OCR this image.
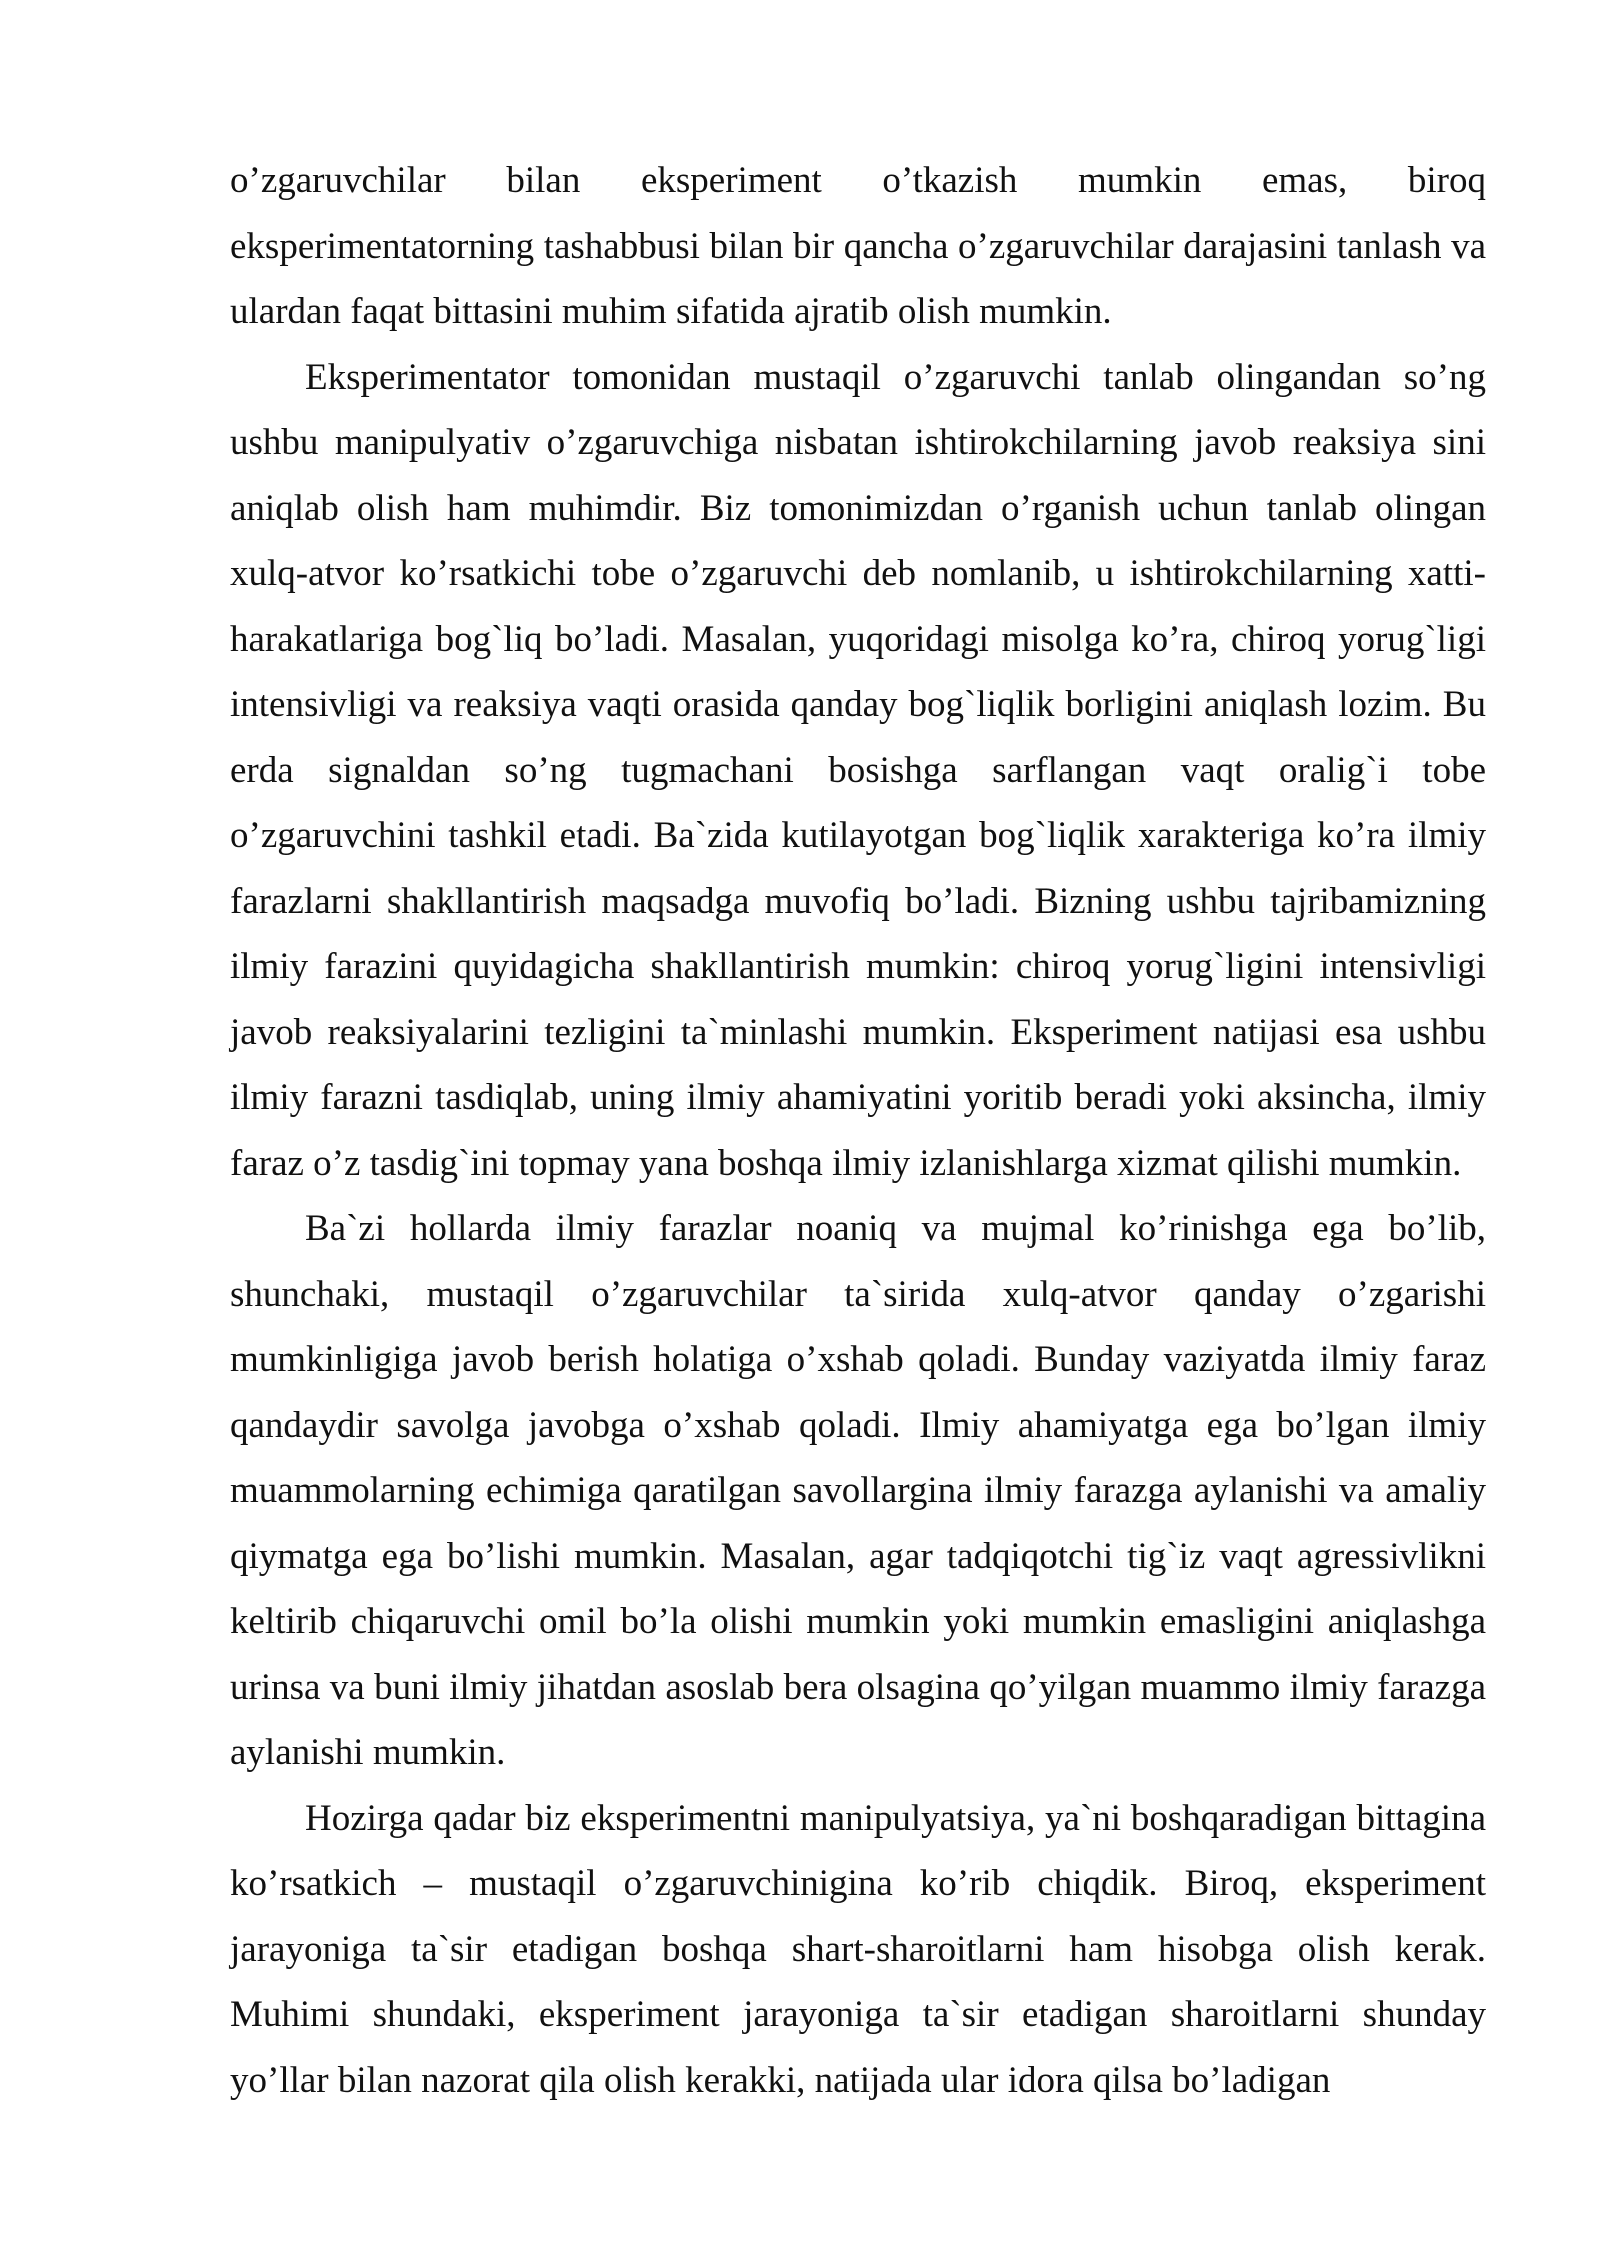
o’zgaruvchilar bilan eksperiment o’tkazish mumkin emas, biroq eksperimentatorning tashabbusi bilan bir qancha o’zgaruvchilar darajasini tanlash va ulardan faqat bittasini muhim sifatida ajratib olish mumkin.

Eksperimentator tomonidan mustaqil o’zgaruvchi tanlab olingandan so’ng ushbu manipulyativ o’zgaruvchiga nisbatan ishtirokchilarning javob reaksiya sini aniqlab olish ham muhimdir. Biz tomonimizdan o’rganish uchun tanlab olingan xulq-atvor ko’rsatkichi tobe o’zgaruvchi deb nomlanib, u ishtirokchilarning xatti-harakatlariga bog`liq bo’ladi. Masalan, yuqoridagi misolga ko’ra, chiroq yorug`ligi intensivligi va reaksiya vaqti orasida qanday bog`liqlik borligini aniqlash lozim. Bu erda signaldan so’ng tugmachani bosishga sarflangan vaqt oralig`i tobe o’zgaruvchini tashkil etadi. Ba`zida kutilayotgan bog`liqlik xarakteriga ko’ra ilmiy farazlarni shakllantirish maqsadga muvofiq bo’ladi. Bizning ushbu tajribamizning ilmiy farazini quyidagicha shakllantirish mumkin: chiroq yorug`ligini intensivligi javob reaksiyalarini tezligini ta`minlashi mumkin. Eksperiment natijasi esa ushbu ilmiy farazni tasdiqlab, uning ilmiy ahamiyatini yoritib beradi yoki aksincha, ilmiy faraz o’z tasdig`ini topmay yana boshqa ilmiy izlanishlarga xizmat qilishi mumkin.

Ba`zi hollarda ilmiy farazlar noaniq va mujmal ko’rinishga ega bo’lib, shunchaki, mustaqil o’zgaruvchilar ta`sirida xulq-atvor qanday o’zgarishi mumkinligiga javob berish holatiga o’xshab qoladi. Bunday vaziyatda ilmiy faraz qandaydir savolga javobga o’xshab qoladi. Ilmiy ahamiyatga ega bo’lgan ilmiy muammolarning echimiga qaratilgan savollargina ilmiy farazga aylanishi va amaliy qiymatga ega bo’lishi mumkin. Masalan, agar tadqiqotchi tig`iz vaqt agressivlikni keltirib chiqaruvchi omil bo’la olishi mumkin yoki mumkin emasligini aniqlashga urinsa va buni ilmiy jihatdan asoslab bera olsagina qo’yilgan muammo ilmiy farazga aylanishi mumkin.

Hozirga qadar biz eksperimentni manipulyatsiya, ya`ni boshqaradigan bittagina ko’rsatkich – mustaqil o’zgaruvchinigina ko’rib chiqdik. Biroq, eksperiment jarayoniga ta`sir etadigan boshqa shart-sharoitlarni ham hisobga olish kerak. Muhimi shundaki, eksperiment jarayoniga ta`sir etadigan sharoitlarni shunday yo’llar bilan nazorat qila olish kerakki, natijada ular idora qilsa bo’ladigan
